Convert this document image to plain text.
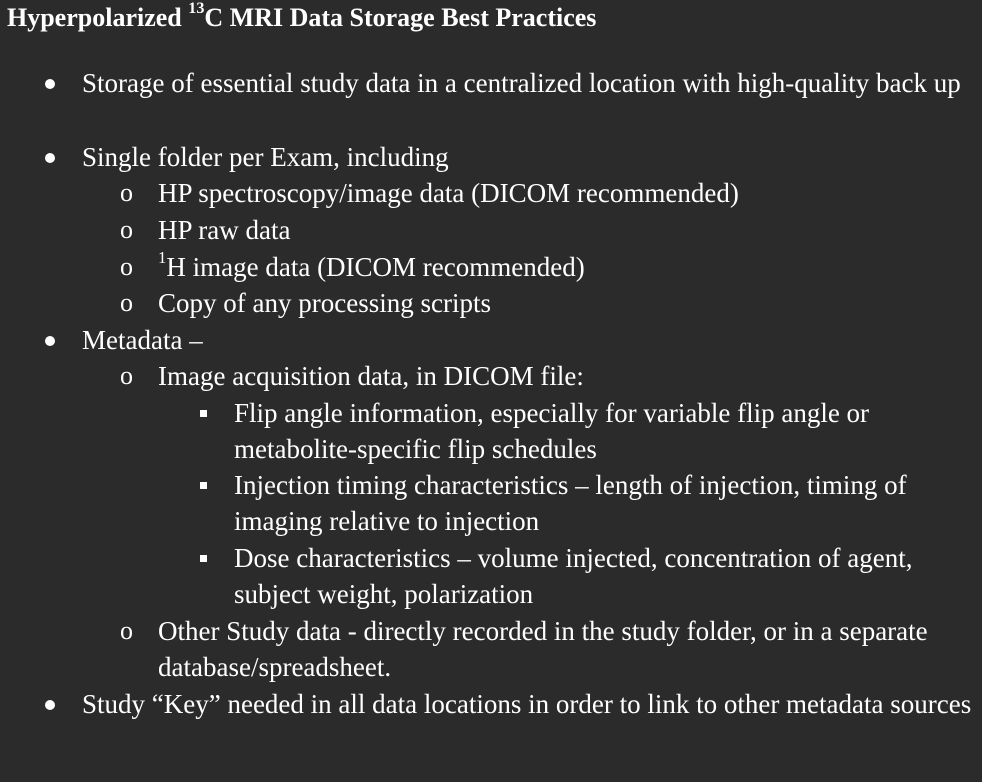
Hyperpolarized $^{13}$C MRI Data Storage Best Practices
Storage of essential study data in a centralized location with high-quality back up
Single folder per Exam, including
o HP spectroscopy/image data (DICOM recommended)
o HP raw data
o $^1$H image data (DICOM recommended)
o Copy of any processing scripts
Metadata –
o Image acquisition data, in DICOM file:
Flip angle information, especially for variable flip angle or metabolite-specific flip schedules
Injection timing characteristics – length of injection, timing of imaging relative to injection
Dose characteristics – volume injected, concentration of agent, subject weight, polarization
o Other Study data - directly recorded in the study folder, or in a separate database/spreadsheet.
Study “Key” needed in all data locations in order to link to other metadata sources
